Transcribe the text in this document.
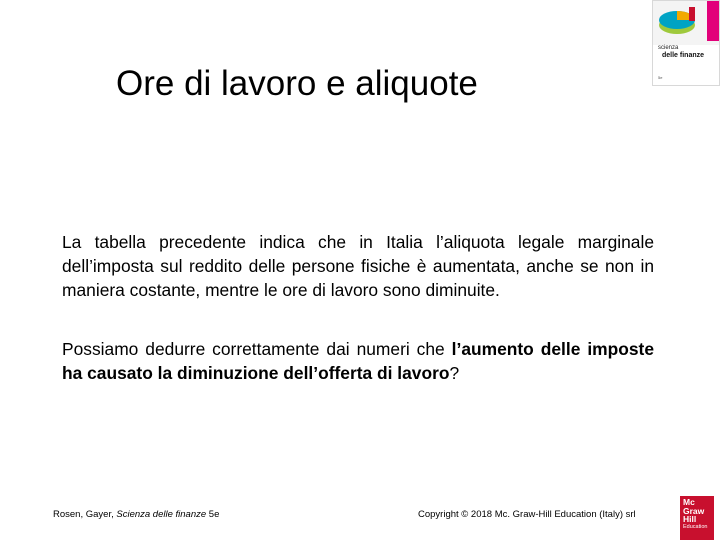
Ore di lavoro e aliquote
scienza
delle finanze
5e

La tabella precedente indica che in Italia l’aliquota legale marginale dell’imposta sul reddito delle persone fisiche è aumentata, anche se non in maniera costante, mentre le ore di lavoro sono diminuite.

Possiamo dedurre correttamente dai numeri che l’aumento delle imposte ha causato la diminuzione dell’offerta di lavoro?

Rosen, Gayer, Scienza delle finanze 5e	Copyright © 2018 Mc. Graw-Hill Education (Italy) srl
Mc
Graw
Hill
Education
